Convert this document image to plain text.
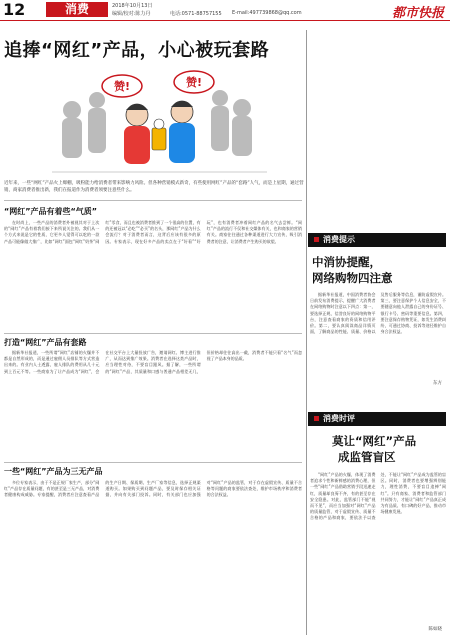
12	消费	2018年10月13日
编辑/校对:陈力丹	电话:0571-88757155 E-mail:497739868@qq.com	都市快报
追捧“网红”产品，小心被玩套路
赞!	赞!
近年来，一些“网红”产品火上爆棚，吸粉能力给消费者带来影响力风险。但各种营销模式新奇，有些使用网红”产品的“套路”人气，而是上星期，通过营销，商家消费者推出新，我们在报道作为消费者须要注意些什么。
“网红”产品有着些“气质”

在时尚上，一些产品的消费者外被视其对于上次的“网红”产品有着我们接下来所说关注的。我们从一个方式来说是它的性质，它更多人觉得可以吃的一款产品可能像做大推广，比如“网红”面包“网红”奶茶“网红”零食，而且也被消费者推到了一个很高的位置，有的还被冠以“必吃”“必买”的名头，那网红”产品为什么会流行？对于消费者而言，这背后应该有很多的原因。专家表示，现在好多产品的卖点在于“好看”“好玩”，也有消费者冲着网红产品的名气去尝鲜。“网红”产品的流行不仅和社交媒体有关，也和商家的营销有关。商家往往通过各种渠道进行大力宣传，吸引消费者的注意，让消费者产生购买的欲望。

打造“网红”产品有套路

据新华社报道，一些所谓“网红”店铺的火爆并不都是自然形成的，而是通过雇佣人员排队等方式营造出来的。有业内人士透露，雇人排队的费用从几十元到上百元不等。一些商家为了让产品成为“网红”，会在社交平台上大量投放广告，邀请网红、博主进行推广，从而达到推广效果。消费者在选择这类产品时，应当理性对待，不要盲目跟风。据了解，一些所谓的“网红”产品，其质量和口感与普通产品相差无几，但价格却往往高出一截，消费者不能只看“名气”而忽视了产品本身的品质。

一些“网红”产品为三无产品

多位专家表示，由于不是正规厂家生产，部分“网红”产品存在质量问题，有的甚至是三无产品，对消费者健康构成威胁。专家提醒，消费者应注意查看产品的生产日期、保质期、生产厂家等信息，选择正规渠道购买。如果购买到问题产品，要及时保存相关证据，并向有关部门投诉。同时，有关部门也应加强对“网红”产品的监管，对于存在虚假宣传、质量不合格等问题的商家要依法查处，维护市场秩序和消费者的合法权益。

消费提示
中消协提醒，
网络购物四注意

据新华社报道，中国消费者协会日前发布消费提示，提醒广大消费者在网络购物时注意以下四点：第一，要选择正规、信誉良好的网络购物平台，注意查看商家的资质和信用评价。第二，要认真阅读商品详情页面，了解商品的性能、质量、价格以及售后服务等信息，谨防虚假宣传。第三，要注意保护个人信息安全，不要随意向他人泄露自己的身份证号、银行卡号、密码等重要信息。第四，要注意保存购物凭证，如发生消费纠纷，可通过协商、投诉等途径维护自身合法权益。

东方
消费时评
莫让“网红”产品
成监管盲区

“网红”产品的火爆，体现了消费者追求个性和新鲜感的消费心理，但一些“网红”产品借助营销手段迅速走红，质量却良莠不齐，有的甚至存在安全隐患。对此，监管部门不能“视而不见”，而应当加强对“网红”产品的质量监管，对于虚假宣传、质量不合格的产品和商家，要依法予以查处，不能让“网红”产品成为监管的盲区。同时，消费者也要增强辨别能力，理性消费，不要盲目追捧“网红”。只有商家、消费者和监管部门共同努力，才能让“网红”产品真正成为有品质、有口碑的好产品，推动市场健康发展。

陈如晓
